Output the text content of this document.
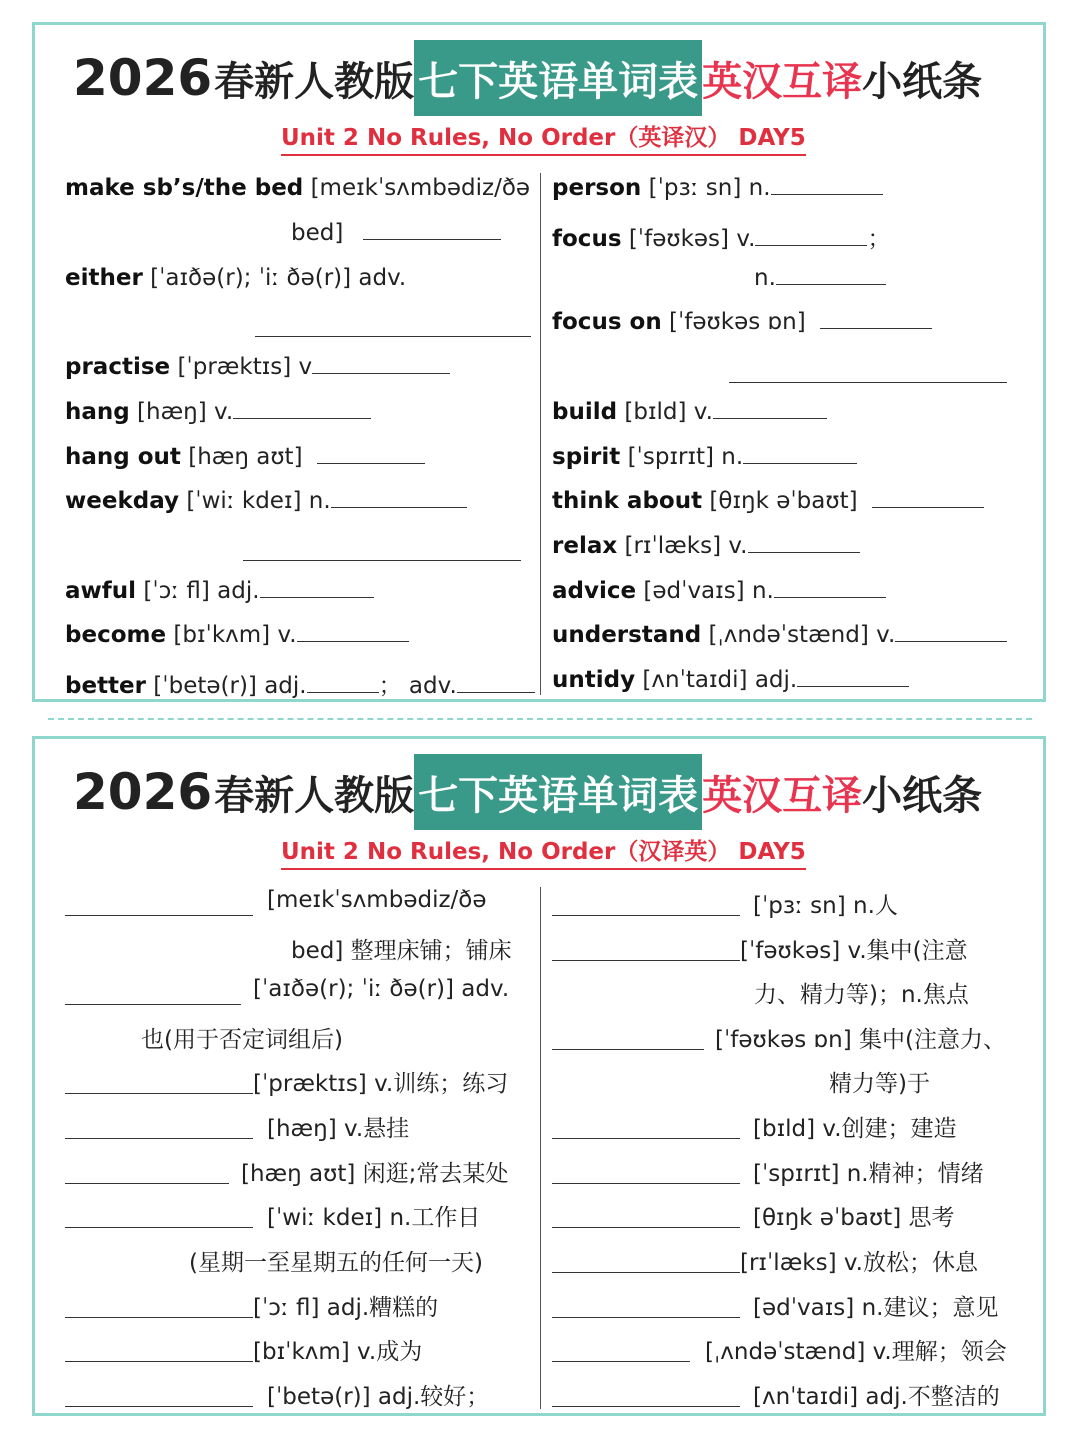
2026 春新人教版 七下英语单词表 英汉互译 小纸条
Unit 2 No Rules, No Order（英译汉） DAY5
make sb’s/the bed [meɪkˈsʌmbədiz/ðə
bed]
either [ˈaɪðə(r); ˈiː ðə(r)] adv.
practise [ˈpræktɪs] v
hang [hæŋ] v.
hang out [hæŋ aʊt]
weekday [ˈwiː kdeɪ] n.
awful [ˈɔː fl] adj.
become [bɪˈkʌm] v.
better [ˈbetə(r)] adj.	； adv.
person [ˈpɜː sn] n.
focus [ˈfəʊkəs] v.	；
n.
focus on [ˈfəʊkəs ɒn]
build [bɪld] v.
spirit [ˈspɪrɪt] n.
think about [θɪŋk əˈbaʊt]
relax [rɪˈlæks] v.
advice [ədˈvaɪs] n.
understand [ˌʌndəˈstænd] v.
untidy [ʌnˈtaɪdi] adj.
2026 春新人教版 七下英语单词表 英汉互译 小纸条
Unit 2 No Rules, No Order（汉译英） DAY5
[meɪkˈsʌmbədiz/ðə
bed] 整理床铺；铺床
[ˈaɪðə(r); ˈiː ðə(r)] adv.
也(用于否定词组后)
[ˈpræktɪs] v.训练；练习
[hæŋ] v.悬挂
[hæŋ aʊt] 闲逛;常去某处
[ˈwiː kdeɪ] n.工作日
(星期一至星期五的任何一天)
[ˈɔː fl] adj.糟糕的
[bɪˈkʌm] v.成为
[ˈbetə(r)] adj.较好；
[ˈpɜː sn] n.人
[ˈfəʊkəs] v.集中(注意
力、精力等)；n.焦点
[ˈfəʊkəs ɒn] 集中(注意力、
精力等)于
[bɪld] v.创建；建造
[ˈspɪrɪt] n.精神；情绪
[θɪŋk əˈbaʊt] 思考
[rɪˈlæks] v.放松；休息
[ədˈvaɪs] n.建议；意见
[ˌʌndəˈstænd] v.理解；领会
[ʌnˈtaɪdi] adj.不整洁的
